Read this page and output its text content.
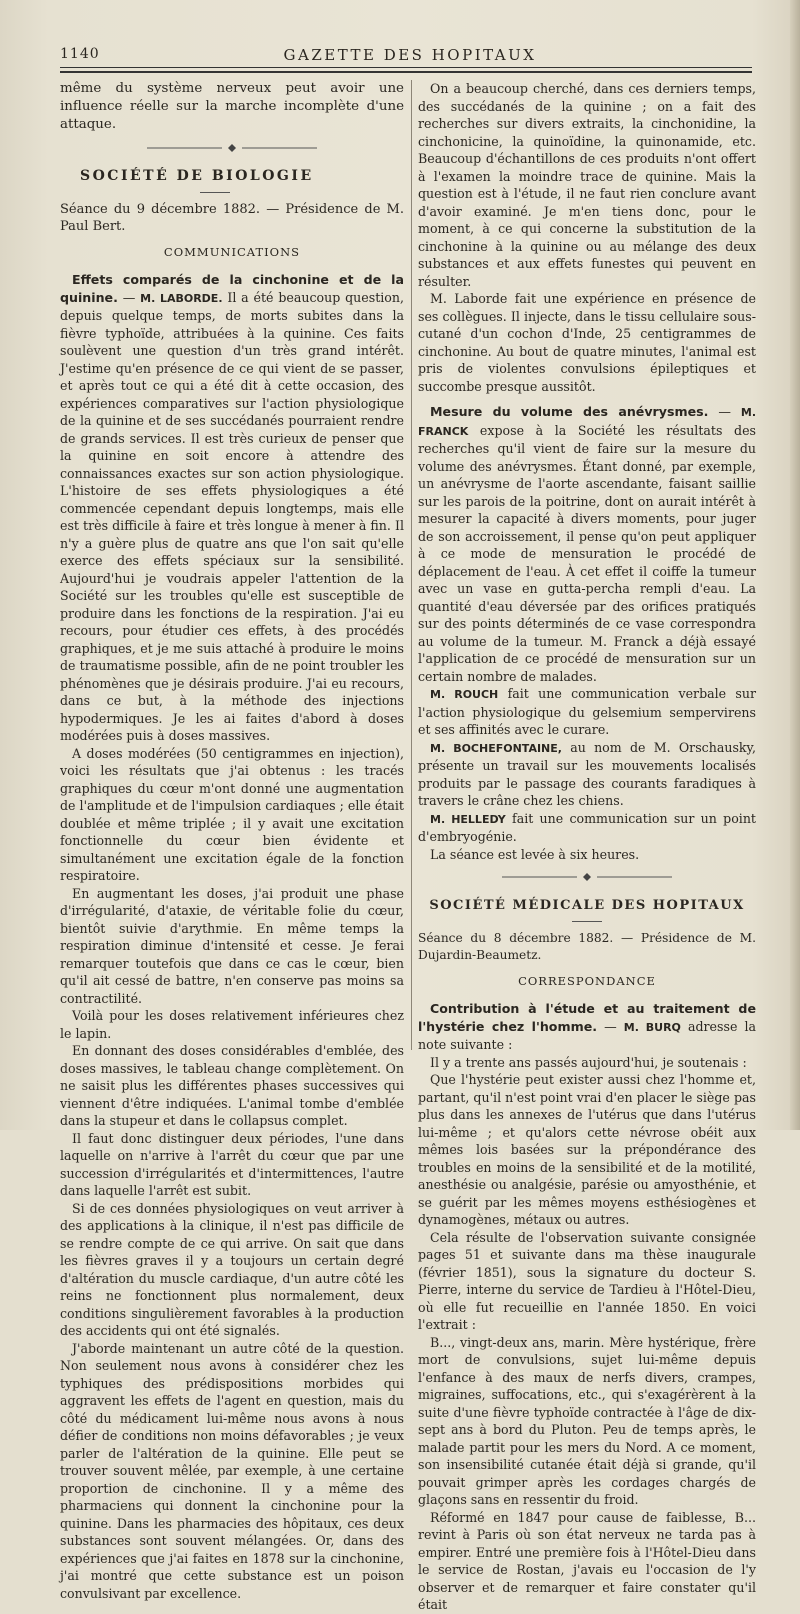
1140	GAZETTE DES HOPITAUX

même du système nerveux peut avoir une influence réelle sur la marche incomplète d'une attaque.

SOCIÉTÉ DE BIOLOGIE
Séance du 9 décembre 1882. — Présidence de M. Paul Bert.
COMMUNICATIONS

Effets comparés de la cinchonine et de la quinine. — M. LABORDE. Il a été beaucoup question, depuis quelque temps, de morts subites dans la fièvre typhoïde, attribuées à la quinine. Ces faits soulèvent une question d'un très grand intérêt. J'estime qu'en présence de ce qui vient de se passer, et après tout ce qui a été dit à cette occasion, des expériences comparatives sur l'action physiologique de la quinine et de ses succédanés pourraient rendre de grands services. Il est très curieux de penser que la quinine en soit encore à attendre des connaissances exactes sur son action physiologique. L'histoire de ses effets physiologiques a été commencée cependant depuis longtemps, mais elle est très difficile à faire et très longue à mener à fin. Il n'y a guère plus de quatre ans que l'on sait qu'elle exerce des effets spéciaux sur la sensibilité. Aujourd'hui je voudrais appeler l'attention de la Société sur les troubles qu'elle est susceptible de produire dans les fonctions de la respiration. J'ai eu recours, pour étudier ces effets, à des procédés graphiques, et je me suis attaché à produire le moins de traumatisme possible, afin de ne point troubler les phénomènes que je désirais produire. J'ai eu recours, dans ce but, à la méthode des injections hypodermiques. Je les ai faites d'abord à doses modérées puis à doses massives.

A doses modérées (50 centigrammes en injection), voici les résultats que j'ai obtenus : les tracés graphiques du cœur m'ont donné une augmentation de l'amplitude et de l'impulsion cardiaques ; elle était doublée et même triplée ; il y avait une excitation fonctionnelle du cœur bien évidente et simultanément une excitation égale de la fonction respiratoire.

En augmentant les doses, j'ai produit une phase d'irrégularité, d'ataxie, de véritable folie du cœur, bientôt suivie d'arythmie. En même temps la respiration diminue d'intensité et cesse. Je ferai remarquer toutefois que dans ce cas le cœur, bien qu'il ait cessé de battre, n'en conserve pas moins sa contractilité.

Voilà pour les doses relativement inférieures chez le lapin.

En donnant des doses considérables d'emblée, des doses massives, le tableau change complètement. On ne saisit plus les différentes phases successives qui viennent d'être indiquées. L'animal tombe d'emblée dans la stupeur et dans le collapsus complet.

Il faut donc distinguer deux périodes, l'une dans laquelle on n'arrive à l'arrêt du cœur que par une succession d'irrégularités et d'intermittences, l'autre dans laquelle l'arrêt est subit.

Si de ces données physiologiques on veut arriver à des applications à la clinique, il n'est pas difficile de se rendre compte de ce qui arrive. On sait que dans les fièvres graves il y a toujours un certain degré d'altération du muscle cardiaque, d'un autre côté les reins ne fonctionnent plus normalement, deux conditions singulièrement favorables à la production des accidents qui ont été signalés.

J'aborde maintenant un autre côté de la question. Non seulement nous avons à considérer chez les typhiques des prédispositions morbides qui aggravent les effets de l'agent en question, mais du côté du médicament lui-même nous avons à nous défier de conditions non moins défavorables ; je veux parler de l'altération de la quinine. Elle peut se trouver souvent mêlée, par exemple, à une certaine proportion de cinchonine. Il y a même des pharmaciens qui donnent la cinchonine pour la quinine. Dans les pharmacies des hôpitaux, ces deux substances sont souvent mélangées. Or, dans des expériences que j'ai faites en 1878 sur la cinchonine, j'ai montré que cette substance est un poison convulsivant par excellence.

On a beaucoup cherché, dans ces derniers temps, des succédanés de la quinine ; on a fait des recherches sur divers extraits, la cinchonidine, la cinchonicine, la quinoïdine, la quinonamide, etc. Beaucoup d'échantillons de ces produits n'ont offert à l'examen la moindre trace de quinine. Mais la question est à l'étude, il ne faut rien conclure avant d'avoir examiné. Je m'en tiens donc, pour le moment, à ce qui concerne la substitution de la cinchonine à la quinine ou au mélange des deux substances et aux effets funestes qui peuvent en résulter.

M. Laborde fait une expérience en présence de ses collègues. Il injecte, dans le tissu cellulaire sous-cutané d'un cochon d'Inde, 25 centigrammes de cinchonine. Au bout de quatre minutes, l'animal est pris de violentes convulsions épileptiques et succombe presque aussitôt.

Mesure du volume des anévrysmes. — M. FRANCK expose à la Société les résultats des recherches qu'il vient de faire sur la mesure du volume des anévrysmes. Étant donné, par exemple, un anévrysme de l'aorte ascendante, faisant saillie sur les parois de la poitrine, dont on aurait intérêt à mesurer la capacité à divers moments, pour juger de son accroissement, il pense qu'on peut appliquer à ce mode de mensuration le procédé de déplacement de l'eau. À cet effet il coiffe la tumeur avec un vase en gutta-percha rempli d'eau. La quantité d'eau déversée par des orifices pratiqués sur des points déterminés de ce vase correspondra au volume de la tumeur. M. Franck a déjà essayé l'application de ce procédé de mensuration sur un certain nombre de malades.

M. ROUCH fait une communication verbale sur l'action physiologique du gelsemium sempervirens et ses affinités avec le curare.

M. BOCHEFONTAINE, au nom de M. Orschausky, présente un travail sur les mouvements localisés produits par le passage des courants faradiques à travers le crâne chez les chiens.

M. HELLEDY fait une communication sur un point d'embryogénie.

La séance est levée à six heures.

SOCIÉTÉ MÉDICALE DES HOPITAUX
Séance du 8 décembre 1882. — Présidence de M. Dujardin-Beaumetz.
CORRESPONDANCE

Contribution à l'étude et au traitement de l'hystérie chez l'homme. — M. BURQ adresse la note suivante :

Il y a trente ans passés aujourd'hui, je soutenais :

Que l'hystérie peut exister aussi chez l'homme et, partant, qu'il n'est point vrai d'en placer le siège pas plus dans les annexes de l'utérus que dans l'utérus lui-même ; et qu'alors cette névrose obéit aux mêmes lois basées sur la prépondérance des troubles en moins de la sensibilité et de la motilité, anesthésie ou analgésie, parésie ou amyosthénie, et se guérit par les mêmes moyens esthésiogènes et dynamogènes, métaux ou autres.

Cela résulte de l'observation suivante consignée pages 51 et suivante dans ma thèse inaugurale (février 1851), sous la signature du docteur S. Pierre, interne du service de Tardieu à l'Hôtel-Dieu, où elle fut recueillie en l'année 1850. En voici l'extrait :

B..., vingt-deux ans, marin. Mère hystérique, frère mort de convulsions, sujet lui-même depuis l'enfance à des maux de nerfs divers, crampes, migraines, suffocations, etc., qui s'exagérèrent à la suite d'une fièvre typhoïde contractée à l'âge de dix-sept ans à bord du Pluton. Peu de temps après, le malade partit pour les mers du Nord. A ce moment, son insensibilité cutanée était déjà si grande, qu'il pouvait grimper après les cordages chargés de glaçons sans en ressentir du froid.

Réformé en 1847 pour cause de faiblesse, B... revint à Paris où son état nerveux ne tarda pas à empirer. Entré une première fois à l'Hôtel-Dieu dans le service de Rostan, j'avais eu l'occasion de l'y observer et de remarquer et faire constater qu'il était
